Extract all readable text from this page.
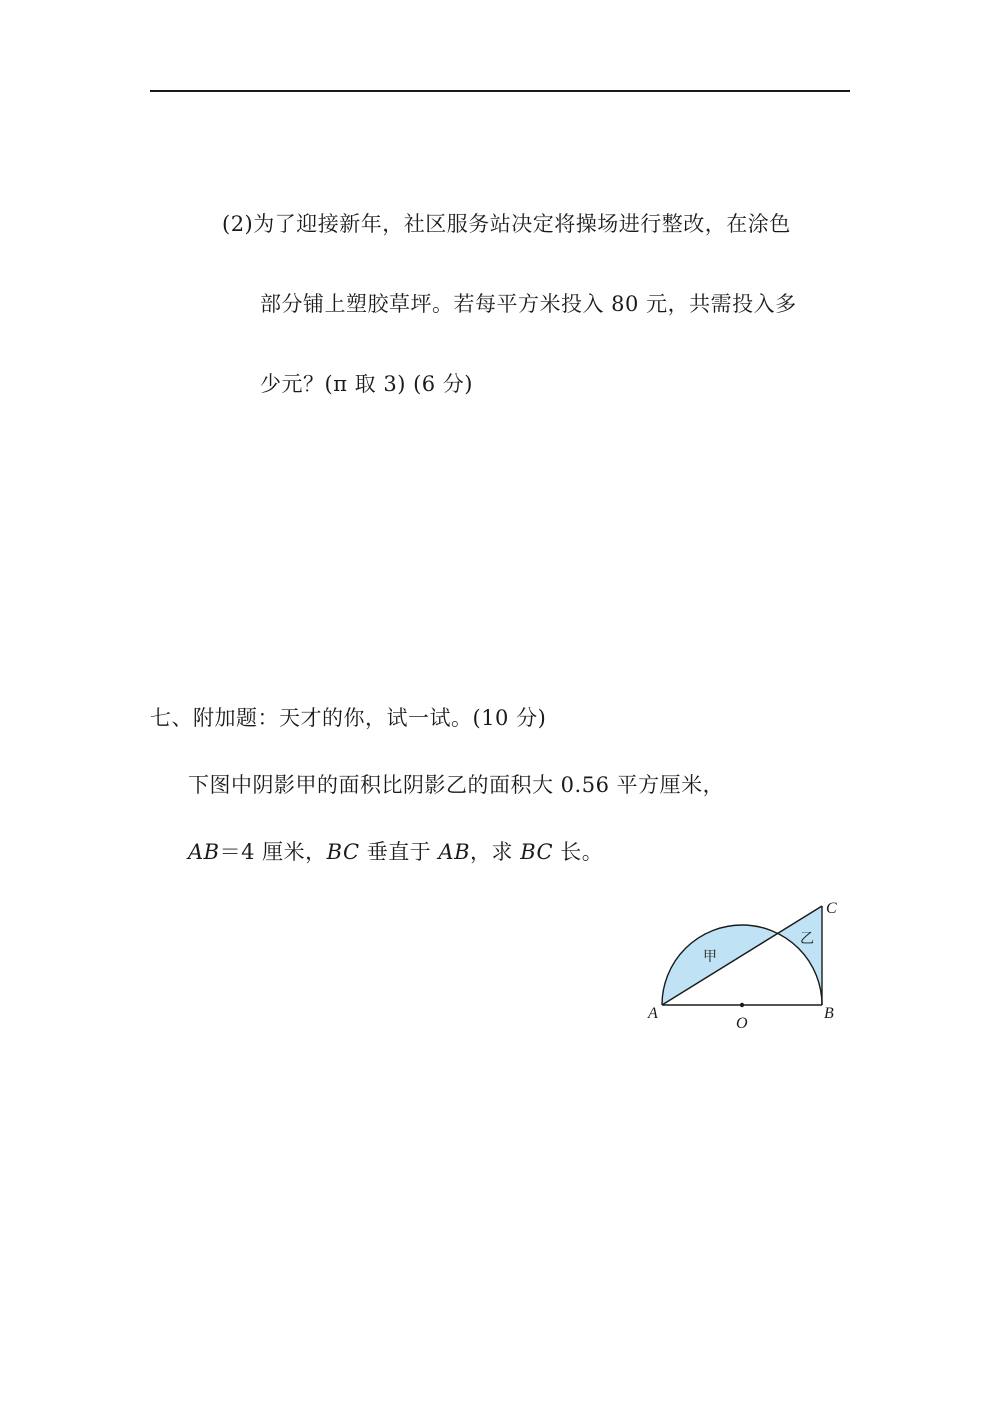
(2)为了迎接新年，社区服务站决定将操场进行整改，在涂色
部分铺上塑胶草坪。若每平方米投入 80 元，共需投入多
少元？(π 取 3) (6 分)
七、附加题：天才的你，试一试。(10 分)
下图中阴影甲的面积比阴影乙的面积大 0.56 平方厘米，
AB＝4 厘米，BC 垂直于 AB，求 BC 长。
A	B
C
O
甲
乙
